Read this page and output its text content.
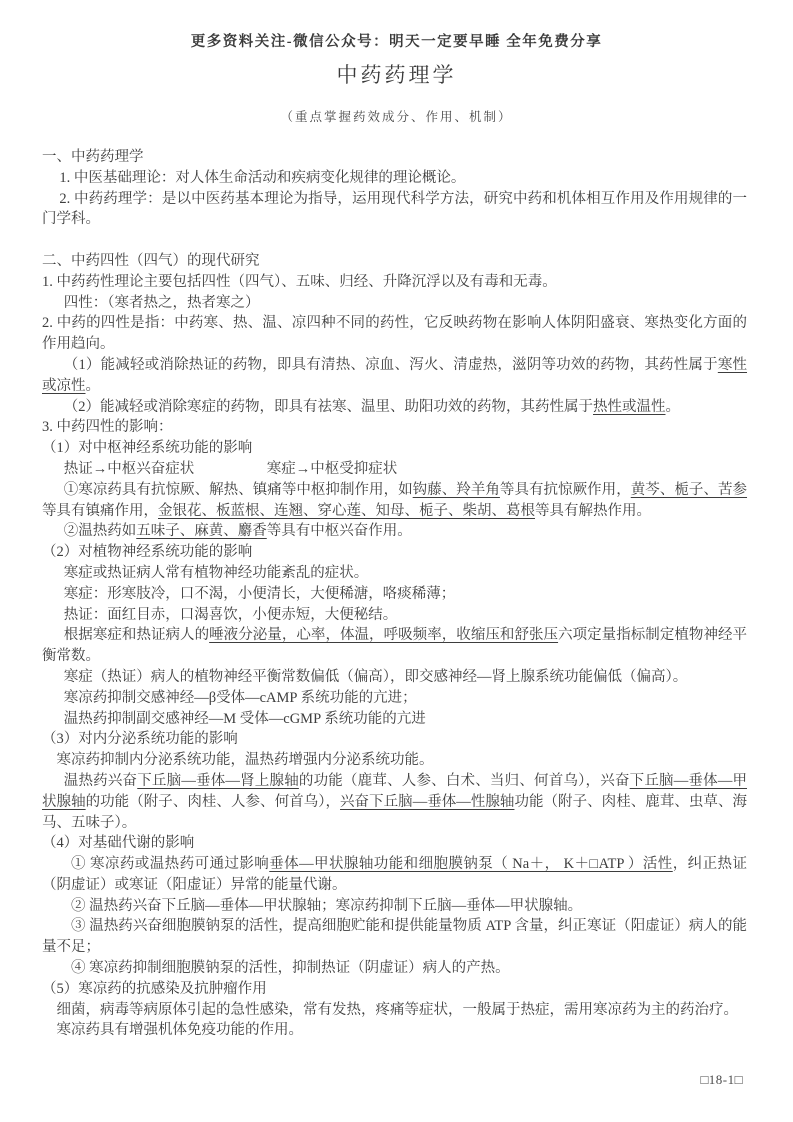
更多资料关注-微信公众号：明天一定要早睡 全年免费分享
中药药理学
（重点掌握药效成分、作用、机制）

一、中药药理学

1. 中医基础理论：对人体生命活动和疾病变化规律的理论概论。

2. 中药药理学：是以中医药基本理论为指导，运用现代科学方法，研究中药和机体相互作用及作用规律的一门学科。

二、中药四性（四气）的现代研究

1. 中药药性理论主要包括四性（四气）、五味、归经、升降沉浮以及有毒和无毒。

四性：（寒者热之，热者寒之）

2. 中药的四性是指：中药寒、热、温、凉四种不同的药性，它反映药物在影响人体阴阳盛衰、寒热变化方面的作用趋向。

（1）能减轻或消除热证的药物，即具有清热、凉血、泻火、清虚热，滋阴等功效的药物，其药性属于寒性或凉性。

（2）能减轻或消除寒症的药物，即具有祛寒、温里、助阳功效的药物，其药性属于热性或温性。

3. 中药四性的影响：

（1）对中枢神经系统功能的影响

热证→中枢兴奋症状　　　　　寒症→中枢受抑症状

①寒凉药具有抗惊厥、解热、镇痛等中枢抑制作用，如钩藤、羚羊角等具有抗惊厥作用，黄芩、栀子、苦参等具有镇痛作用，金银花、板蓝根、连翘、穿心莲、知母、栀子、柴胡、葛根等具有解热作用。

②温热药如五味子、麻黄、麝香等具有中枢兴奋作用。

（2）对植物神经系统功能的影响

寒症或热证病人常有植物神经功能紊乱的症状。

寒症：形寒肢冷，口不渴，小便清长，大便稀溏，咯痰稀薄；

热证：面红目赤，口渴喜饮，小便赤短，大便秘结。

根据寒症和热证病人的唾液分泌量，心率，体温，呼吸频率，收缩压和舒张压六项定量指标制定植物神经平衡常数。

寒症（热证）病人的植物神经平衡常数偏低（偏高），即交感神经—肾上腺系统功能偏低（偏高）。

寒凉药抑制交感神经—β受体—cAMP 系统功能的亢进；

温热药抑制副交感神经—M 受体—cGMP 系统功能的亢进

（3）对内分泌系统功能的影响

寒凉药抑制内分泌系统功能，温热药增强内分泌系统功能。

温热药兴奋下丘脑—垂体—肾上腺轴的功能（鹿茸、人参、白术、当归、何首乌），兴奋下丘脑—垂体—甲状腺轴的功能（附子、肉桂、人参、何首乌），兴奋下丘脑—垂体—性腺轴功能（附子、肉桂、鹿茸、虫草、海马、五味子）。

（4）对基础代谢的影响

① 寒凉药或温热药可通过影响垂体—甲状腺轴功能和细胞膜钠泵（ Na＋， K＋□ATP ）活性，纠正热证（阴虚证）或寒证（阳虚证）异常的能量代谢。

② 温热药兴奋下丘脑—垂体—甲状腺轴；寒凉药抑制下丘脑—垂体—甲状腺轴。

③ 温热药兴奋细胞膜钠泵的活性，提高细胞贮能和提供能量物质 ATP 含量，纠正寒证（阳虚证）病人的能量不足；

④ 寒凉药抑制细胞膜钠泵的活性，抑制热证（阴虚证）病人的产热。

（5）寒凉药的抗感染及抗肿瘤作用

细菌，病毒等病原体引起的急性感染，常有发热，疼痛等症状，一般属于热症，需用寒凉药为主的药治疗。

寒凉药具有增强机体免疫功能的作用。

□18-1□
